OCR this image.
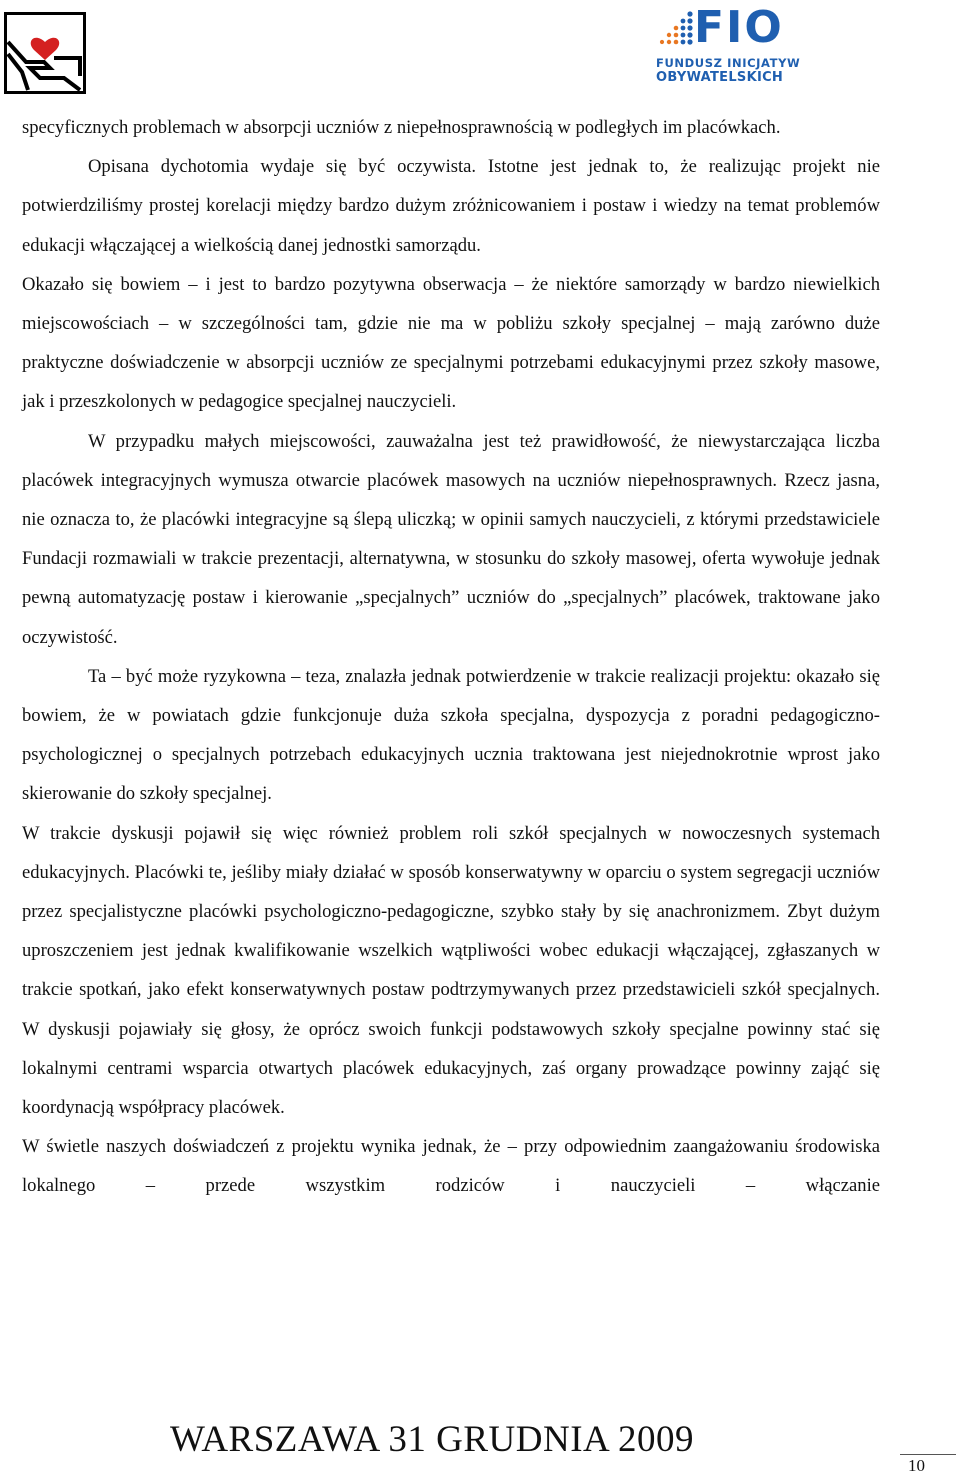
FIO
FUNDUSZ INICJATYW
OBYWATELSKICH

specyficznych problemach w absorpcji uczniów z niepełnosprawnością w podległych im placówkach.

Opisana dychotomia wydaje się być oczywista. Istotne jest jednak to, że realizując projekt nie potwierdziliśmy prostej korelacji między bardzo dużym zróżnicowaniem i postaw i wiedzy na temat problemów edukacji włączającej a wielkością danej jednostki samorządu.

Okazało się bowiem – i jest to bardzo pozytywna obserwacja – że niektóre samorządy w bardzo niewielkich miejscowościach – w szczególności tam, gdzie nie ma w pobliżu szkoły specjalnej – mają zarówno duże praktyczne doświadczenie w absorpcji uczniów ze specjalnymi potrzebami edukacyjnymi przez szkoły masowe, jak i przeszkolonych w pedagogice specjalnej nauczycieli.

W przypadku małych miejscowości, zauważalna jest też prawidłowość, że niewystarczająca liczba placówek integracyjnych wymusza otwarcie placówek masowych na uczniów niepełnosprawnych. Rzecz jasna, nie oznacza to, że placówki integracyjne są ślepą uliczką; w opinii samych nauczycieli, z którymi przedstawiciele Fundacji rozmawiali w trakcie prezentacji, alternatywna, w stosunku do szkoły masowej, oferta wywołuje jednak pewną automatyzację postaw i kierowanie „specjalnych” uczniów do „specjalnych” placówek, traktowane jako oczywistość.

Ta – być może ryzykowna – teza, znalazła jednak potwierdzenie w trakcie realizacji projektu: okazało się bowiem, że w powiatach gdzie funkcjonuje duża szkoła specjalna, dyspozycja z poradni pedagogiczno-psychologicznej o specjalnych potrzebach edukacyjnych ucznia traktowana jest niejednokrotnie wprost jako skierowanie do szkoły specjalnej.

W trakcie dyskusji pojawił się więc również problem roli szkół specjalnych w nowoczesnych systemach edukacyjnych. Placówki te, jeśliby miały działać w sposób konserwatywny w oparciu o system segregacji uczniów przez specjalistyczne placówki psychologiczno-pedagogiczne, szybko stały by się anachronizmem. Zbyt dużym uproszczeniem jest jednak kwalifikowanie wszelkich wątpliwości wobec edukacji włączającej, zgłaszanych w trakcie spotkań, jako efekt konserwatywnych postaw podtrzymywanych przez przedstawicieli szkół specjalnych. W dyskusji pojawiały się głosy, że oprócz swoich funkcji podstawowych szkoły specjalne powinny stać się lokalnymi centrami wsparcia otwartych placówek edukacyjnych, zaś organy prowadzące powinny zająć się koordynacją współpracy placówek.

W świetle naszych doświadczeń z projektu wynika jednak, że – przy odpowiednim zaangażowaniu środowiska lokalnego – przede wszystkim rodziców i nauczycieli – włączanie

WARSZAWA 31 GRUDNIA 2009
10
